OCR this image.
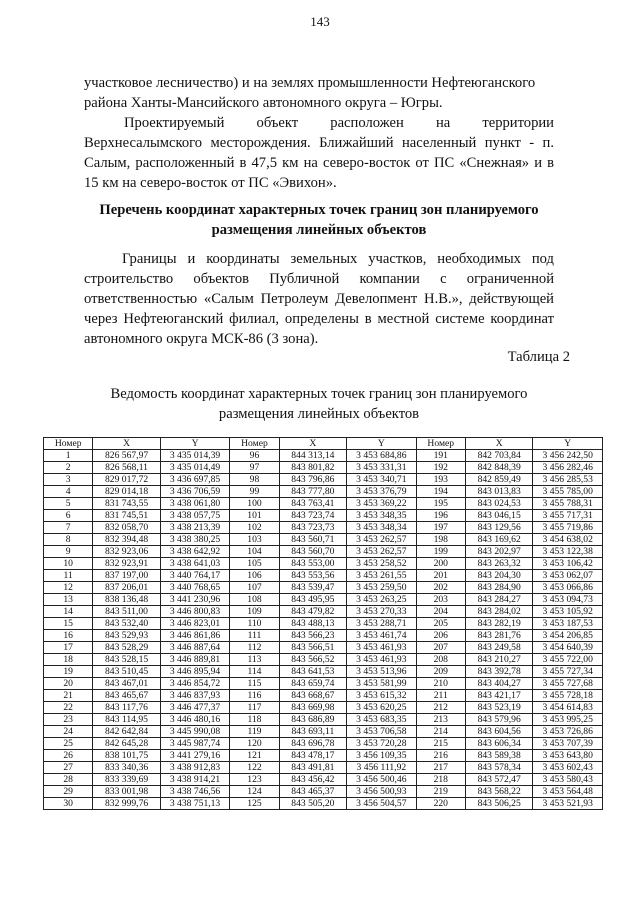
143
участковое лесничество) и на землях промышленности Нефтеюганского района Ханты-Мансийского автономного округа – Югры.
Проектируемый объект расположен на территории
Верхнесалымского месторождения. Ближайший населенный пункт - п. Салым, расположенный в 47,5 км на северо-восток от ПС «Снежная» и в 15 км на северо-восток от ПС «Эвихон».
Перечень координат характерных точек границ зон планируемого размещения линейных объектов
Границы и координаты земельных участков, необходимых под
строительство объектов Публичной компании с ограниченной
ответственностью «Салым Петролеум Девелопмент Н.В.», действующей
через Нефтеюганский филиал, определены в местной системе координат автономного округа МСК-86 (3 зона).
Таблица 2
Ведомость координат характерных точек границ зон планируемого размещения линейных объектов
Номер	X	Y	Номер	X	Y	Номер	X	Y
1	826 567,97	3 435 014,39	96	844 313,14	3 453 684,86	191	842 703,84	3 456 242,50
2	826 568,11	3 435 014,49	97	843 801,82	3 453 331,31	192	842 848,39	3 456 282,46
3	829 017,72	3 436 697,85	98	843 796,86	3 453 340,71	193	842 859,49	3 456 285,53
4	829 014,18	3 436 706,59	99	843 777,80	3 453 376,79	194	843 013,83	3 455 785,00
5	831 743,55	3 438 061,80	100	843 763,41	3 453 369,22	195	843 024,53	3 455 788,31
6	831 745,51	3 438 057,75	101	843 723,74	3 453 348,35	196	843 046,15	3 455 717,31
7	832 058,70	3 438 213,39	102	843 723,73	3 453 348,34	197	843 129,56	3 455 719,86
8	832 394,48	3 438 380,25	103	843 560,71	3 453 262,57	198	843 169,62	3 454 638,02
9	832 923,06	3 438 642,92	104	843 560,70	3 453 262,57	199	843 202,97	3 453 122,38
10	832 923,91	3 438 641,03	105	843 553,00	3 453 258,52	200	843 263,32	3 453 106,42
11	837 197,00	3 440 764,17	106	843 553,56	3 453 261,55	201	843 204,30	3 453 062,07
12	837 206,01	3 440 768,65	107	843 539,47	3 453 259,50	202	843 284,90	3 453 066,86
13	838 136,48	3 441 230,96	108	843 495,95	3 453 263,25	203	843 284,27	3 453 094,73
14	843 511,00	3 446 800,83	109	843 479,82	3 453 270,33	204	843 284,02	3 453 105,92
15	843 532,40	3 446 823,01	110	843 488,13	3 453 288,71	205	843 282,19	3 453 187,53
16	843 529,93	3 446 861,86	111	843 566,23	3 453 461,74	206	843 281,76	3 454 206,85
17	843 528,29	3 446 887,64	112	843 566,51	3 453 461,93	207	843 249,58	3 454 640,39
18	843 528,15	3 446 889,81	113	843 566,52	3 453 461,93	208	843 210,27	3 455 722,00
19	843 510,45	3 446 895,94	114	843 641,53	3 453 513,96	209	843 392,78	3 455 727,34
20	843 467,01	3 446 854,72	115	843 659,74	3 453 581,99	210	843 404,27	3 455 727,68
21	843 465,67	3 446 837,93	116	843 668,67	3 453 615,32	211	843 421,17	3 455 728,18
22	843 117,76	3 446 477,37	117	843 669,98	3 453 620,25	212	843 523,19	3 454 614,83
23	843 114,95	3 446 480,16	118	843 686,89	3 453 683,35	213	843 579,96	3 453 995,25
24	842 642,84	3 445 990,08	119	843 693,11	3 453 706,58	214	843 604,56	3 453 726,86
25	842 645,28	3 445 987,74	120	843 696,78	3 453 720,28	215	843 606,34	3 453 707,39
26	838 101,75	3 441 279,16	121	843 478,17	3 456 109,35	216	843 589,38	3 453 643,80
27	833 340,36	3 438 912,83	122	843 491,81	3 456 111,92	217	843 578,34	3 453 602,43
28	833 339,69	3 438 914,21	123	843 456,42	3 456 500,46	218	843 572,47	3 453 580,43
29	833 001,98	3 438 746,56	124	843 465,37	3 456 500,93	219	843 568,22	3 453 564,48
30	832 999,76	3 438 751,13	125	843 505,20	3 456 504,57	220	843 506,25	3 453 521,93
